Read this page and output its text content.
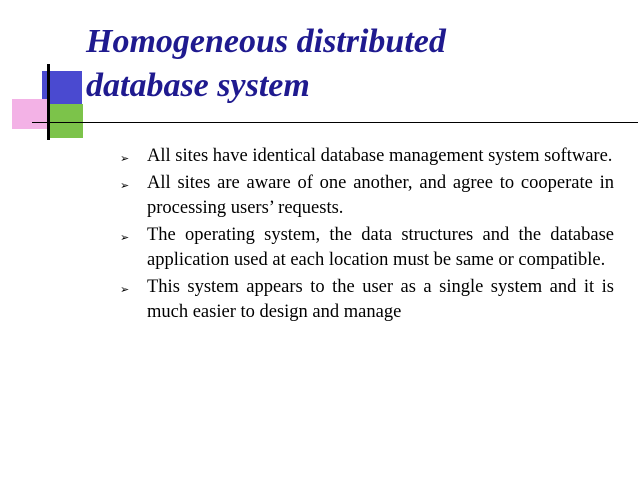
Homogeneous distributed
database system
➢ All sites have identical database management system software.
➢ All sites are aware of one another, and agree to cooperate in processing users’ requests.
➢ The operating system, the data structures and the database application used at each location must be same or compatible.
➢ This system appears to the user as a single system and it is much easier to design and manage
